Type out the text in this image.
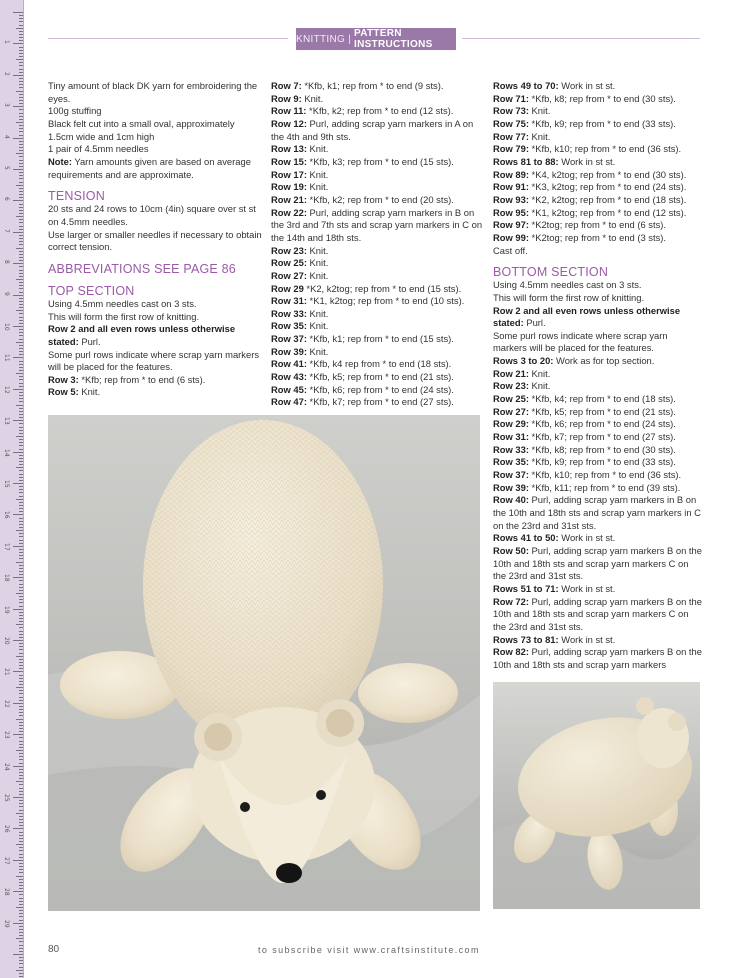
1
2
3
4
5
6
7
8
9
10
11
12
13
14
15
16
17
18
19
20
21
22
23
24
25
26
27
28
29
KNITTING | PATTERN INSTRUCTIONS

Tiny amount of black DK yarn for embroidering the eyes.

100g stuffing

Black felt cut into a small oval, approximately 1.5cm wide and 1cm high

1 pair of 4.5mm needles

Note: Yarn amounts given are based on average requirements and are approximate.

TENSION

20 sts and 24 rows to 10cm (4in) square over st st on 4.5mm needles.

Use larger or smaller needles if necessary to obtain correct tension.

ABBREVIATIONS SEE PAGE 86
TOP SECTION

Using 4.5mm needles cast on 3 sts.

This will form the first row of knitting.

Row 2 and all even rows unless otherwise stated: Purl.

Some purl rows indicate where scrap yarn markers will be placed for the features.

Row 3: *Kfb; rep from * to end (6 sts).

Row 5: Knit.

Row 7: *Kfb, k1; rep from * to end (9 sts).

Row 9: Knit.

Row 11: *Kfb, k2; rep from * to end (12 sts).

Row 12: Purl, adding scrap yarn markers in A on the 4th and 9th sts.

Row 13: Knit.

Row 15: *Kfb, k3; rep from * to end (15 sts).

Row 17: Knit.

Row 19: Knit.

Row 21: *Kfb, k2; rep from * to end (20 sts).

Row 22: Purl, adding scrap yarn markers in B on the 3rd and 7th sts and scrap yarn markers in C on the 14th and 18th sts.

Row 23: Knit.

Row 25: Knit.

Row 27: Knit.

Row 29 *K2, k2tog; rep from * to end (15 sts).

Row 31: *K1, k2tog; rep from * to end (10 sts).

Row 33: Knit.

Row 35: Knit.

Row 37: *Kfb, k1; rep from * to end (15 sts).

Row 39: Knit.

Row 41: *Kfb, k4 rep from * to end (18 sts).

Row 43: *Kfb, k5; rep from * to end (21 sts).

Row 45: *Kfb, k6; rep from * to end (24 sts).

Row 47: *Kfb, k7; rep from * to end (27 sts).

Rows 49 to 70: Work in st st.

Row 71: *Kfb, k8; rep from * to end (30 sts).

Row 73: Knit.

Row 75: *Kfb, k9; rep from * to end (33 sts).

Row 77: Knit.

Row 79: *Kfb, k10; rep from * to end (36 sts).

Rows 81 to 88: Work in st st.

Row 89: *K4, k2tog; rep from * to end (30 sts).

Row 91: *K3, k2tog; rep from * to end (24 sts).

Row 93: *K2, k2tog; rep from * to end (18 sts).

Row 95: *K1, k2tog; rep from * to end (12 sts).

Row 97: *K2tog; rep from * to end (6 sts).

Row 99: *K2tog; rep from * to end (3 sts).

Cast off.

BOTTOM SECTION

Using 4.5mm needles cast on 3 sts.

This will form the first row of knitting.

Row 2 and all even rows unless otherwise stated: Purl.

Some purl rows indicate where scrap yarn markers will be placed for the features.

Rows 3 to 20: Work as for top section.

Row 21: Knit.

Row 23: Knit.

Row 25: *Kfb, k4; rep from * to end (18 sts).

Row 27: *Kfb, k5; rep from * to end (21 sts).

Row 29: *Kfb, k6; rep from * to end (24 sts).

Row 31: *Kfb, k7; rep from * to end (27 sts).

Row 33: *Kfb, k8; rep from * to end (30 sts).

Row 35: *Kfb, k9; rep from * to end (33 sts).

Row 37: *Kfb, k10; rep from * to end (36 sts).

Row 39: *Kfb, k11; rep from * to end (39 sts).

Row 40: Purl, adding scrap yarn markers in B on the 10th and 18th sts and scrap yarn markers in C on the 23rd and 31st sts.

Rows 41 to 50: Work in st st.

Row 50: Purl, adding scrap yarn markers B on the 10th and 18th sts and scrap yarn markers C on the 23rd and 31st sts.

Rows 51 to 71: Work in st st.

Row 72: Purl, adding scrap yarn markers B on the 10th and 18th sts and scrap yarn markers C on the 23rd and 31st sts.

Rows 73 to 81: Work in st st.

Row 82: Purl, adding scrap yarn markers B on the 10th and 18th sts and scrap yarn markers

80	to subscribe visit www.craftsinstitute.com
